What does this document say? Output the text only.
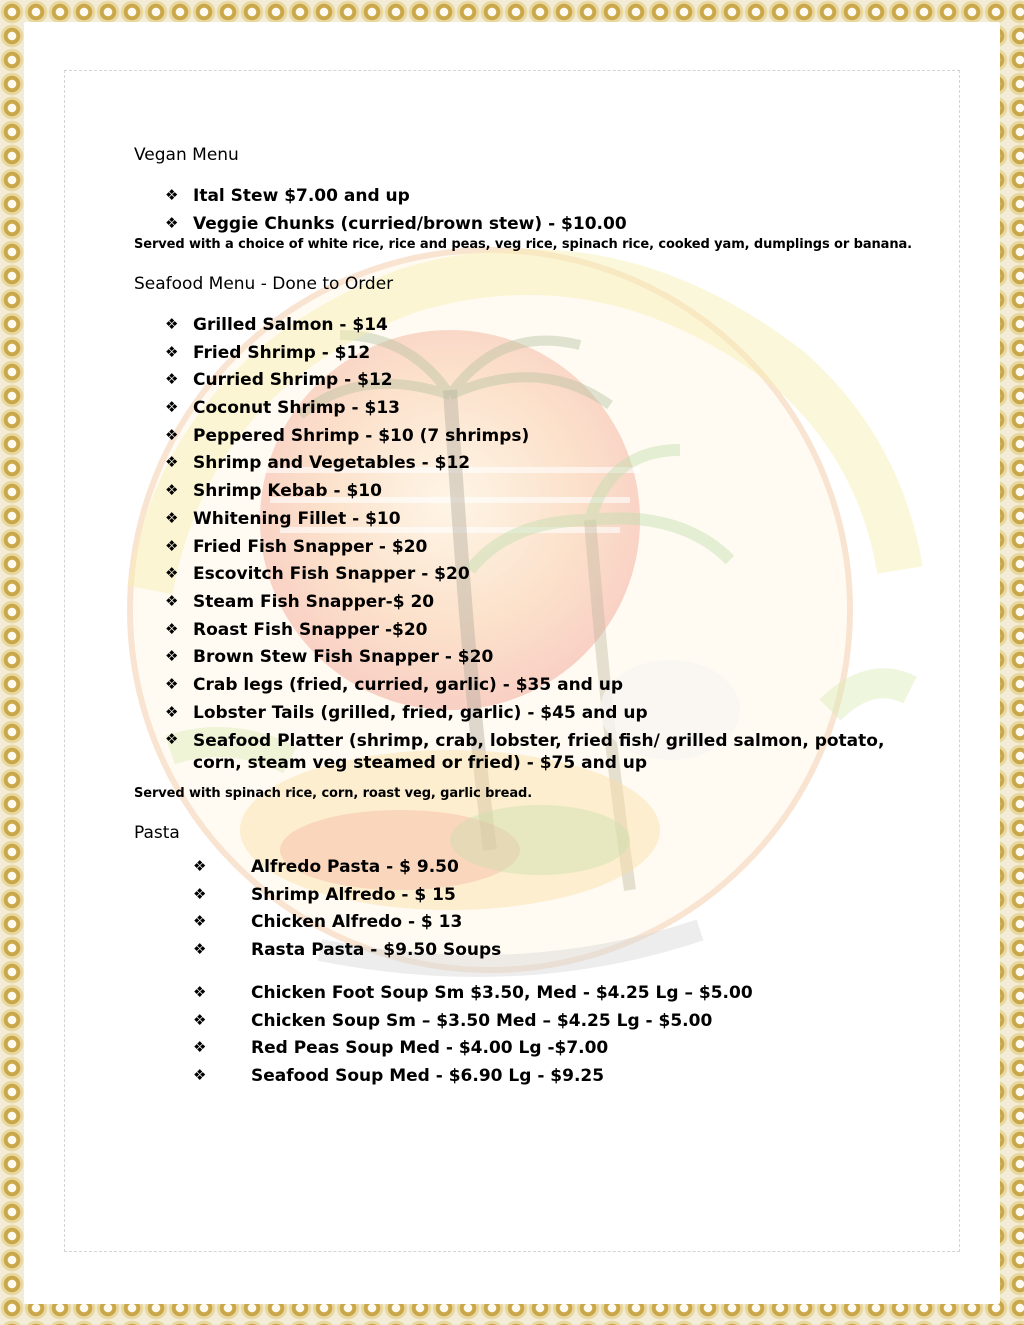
Vegan Menu
❖ Ital Stew $7.00 and up
❖ Veggie Chunks (curried/brown stew) - $10.00
Served with a choice of white rice, rice and peas, veg rice, spinach rice, cooked yam, dumplings or banana.
Seafood Menu - Done to Order
❖ Grilled Salmon - $14
❖ Fried Shrimp - $12
❖ Curried Shrimp - $12
❖ Coconut Shrimp - $13
❖ Peppered Shrimp - $10 (7 shrimps)
❖ Shrimp and Vegetables - $12
❖ Shrimp Kebab - $10
❖ Whitening Fillet - $10
❖ Fried Fish Snapper - $20
❖ Escovitch Fish Snapper - $20
❖ Steam Fish Snapper-$ 20
❖ Roast Fish Snapper -$20
❖ Brown Stew Fish Snapper - $20
❖ Crab legs (fried, curried, garlic) - $35 and up
❖ Lobster Tails (grilled, fried, garlic) - $45 and up
❖ Seafood Platter (shrimp, crab, lobster, fried fish/ grilled salmon, potato, corn, steam veg steamed or fried) - $75 and up
Served with spinach rice, corn, roast veg, garlic bread.
Pasta
❖	Alfredo Pasta - $ 9.50
❖	Shrimp Alfredo - $ 15
❖	Chicken Alfredo - $ 13
❖	Rasta Pasta - $9.50 Soups
❖	Chicken Foot Soup Sm $3.50, Med - $4.25 Lg – $5.00
❖	Chicken Soup Sm – $3.50 Med – $4.25 Lg - $5.00
❖	Red Peas Soup Med - $4.00 Lg -$7.00
❖	Seafood Soup Med - $6.90 Lg - $9.25
